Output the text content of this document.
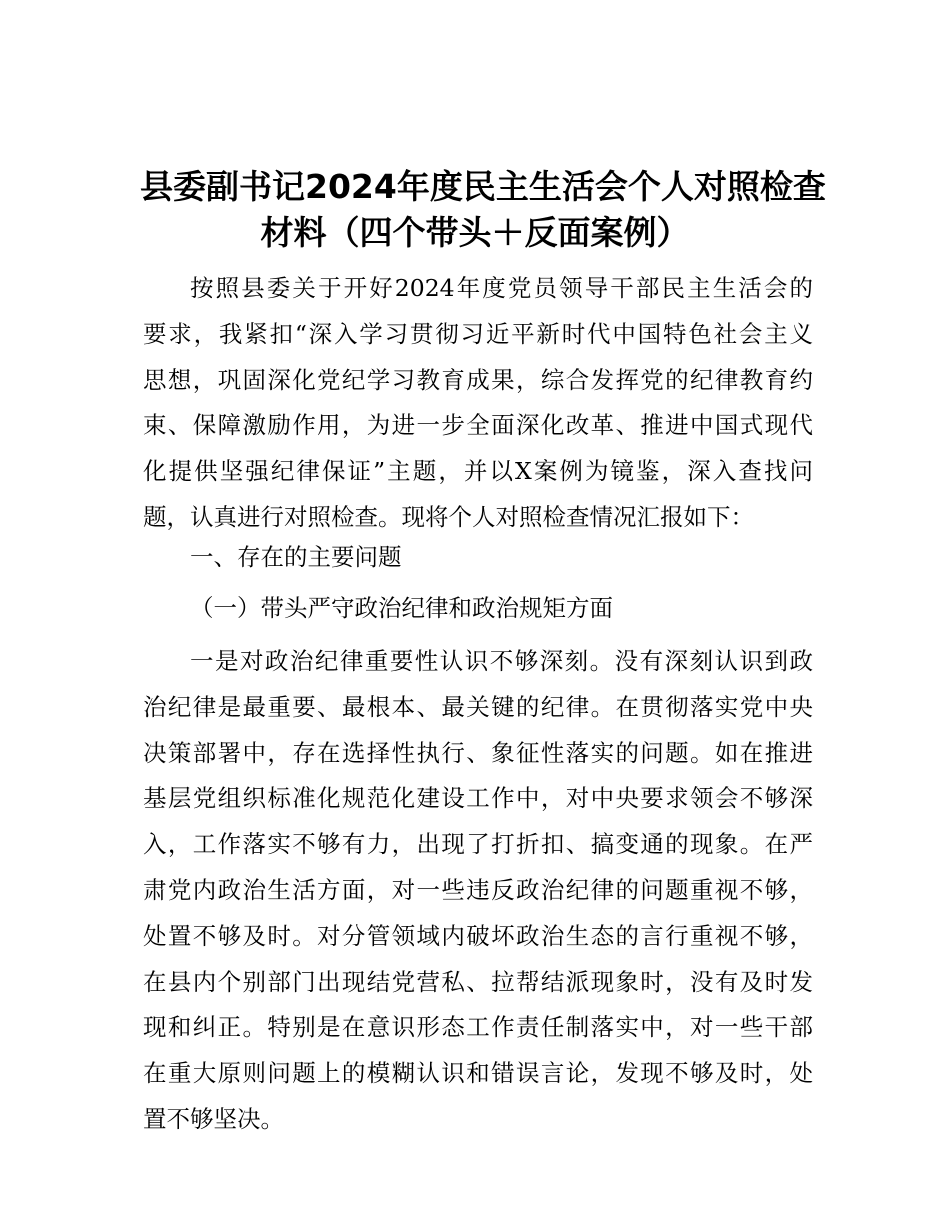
县委副书记2024年度民主生活会个人对照检查
材料（四个带头＋反面案例）
按照县委关于开好2024年度党员领导干部民主生活会的
要求，我紧扣“深入学习贯彻习近平新时代中国特色社会主义
思想，巩固深化党纪学习教育成果，综合发挥党的纪律教育约
束、保障激励作用，为进一步全面深化改革、推进中国式现代
化提供坚强纪律保证”主题，并以X案例为镜鉴，深入查找问
题，认真进行对照检查。现将个人对照检查情况汇报如下：
一、存在的主要问题
（一）带头严守政治纪律和政治规矩方面
一是对政治纪律重要性认识不够深刻。没有深刻认识到政
治纪律是最重要、最根本、最关键的纪律。在贯彻落实党中央
决策部署中，存在选择性执行、象征性落实的问题。如在推进
基层党组织标准化规范化建设工作中，对中央要求领会不够深
入，工作落实不够有力，出现了打折扣、搞变通的现象。在严
肃党内政治生活方面，对一些违反政治纪律的问题重视不够，
处置不够及时。对分管领域内破坏政治生态的言行重视不够，
在县内个别部门出现结党营私、拉帮结派现象时，没有及时发
现和纠正。特别是在意识形态工作责任制落实中，对一些干部
在重大原则问题上的模糊认识和错误言论，发现不够及时，处
置不够坚决。
